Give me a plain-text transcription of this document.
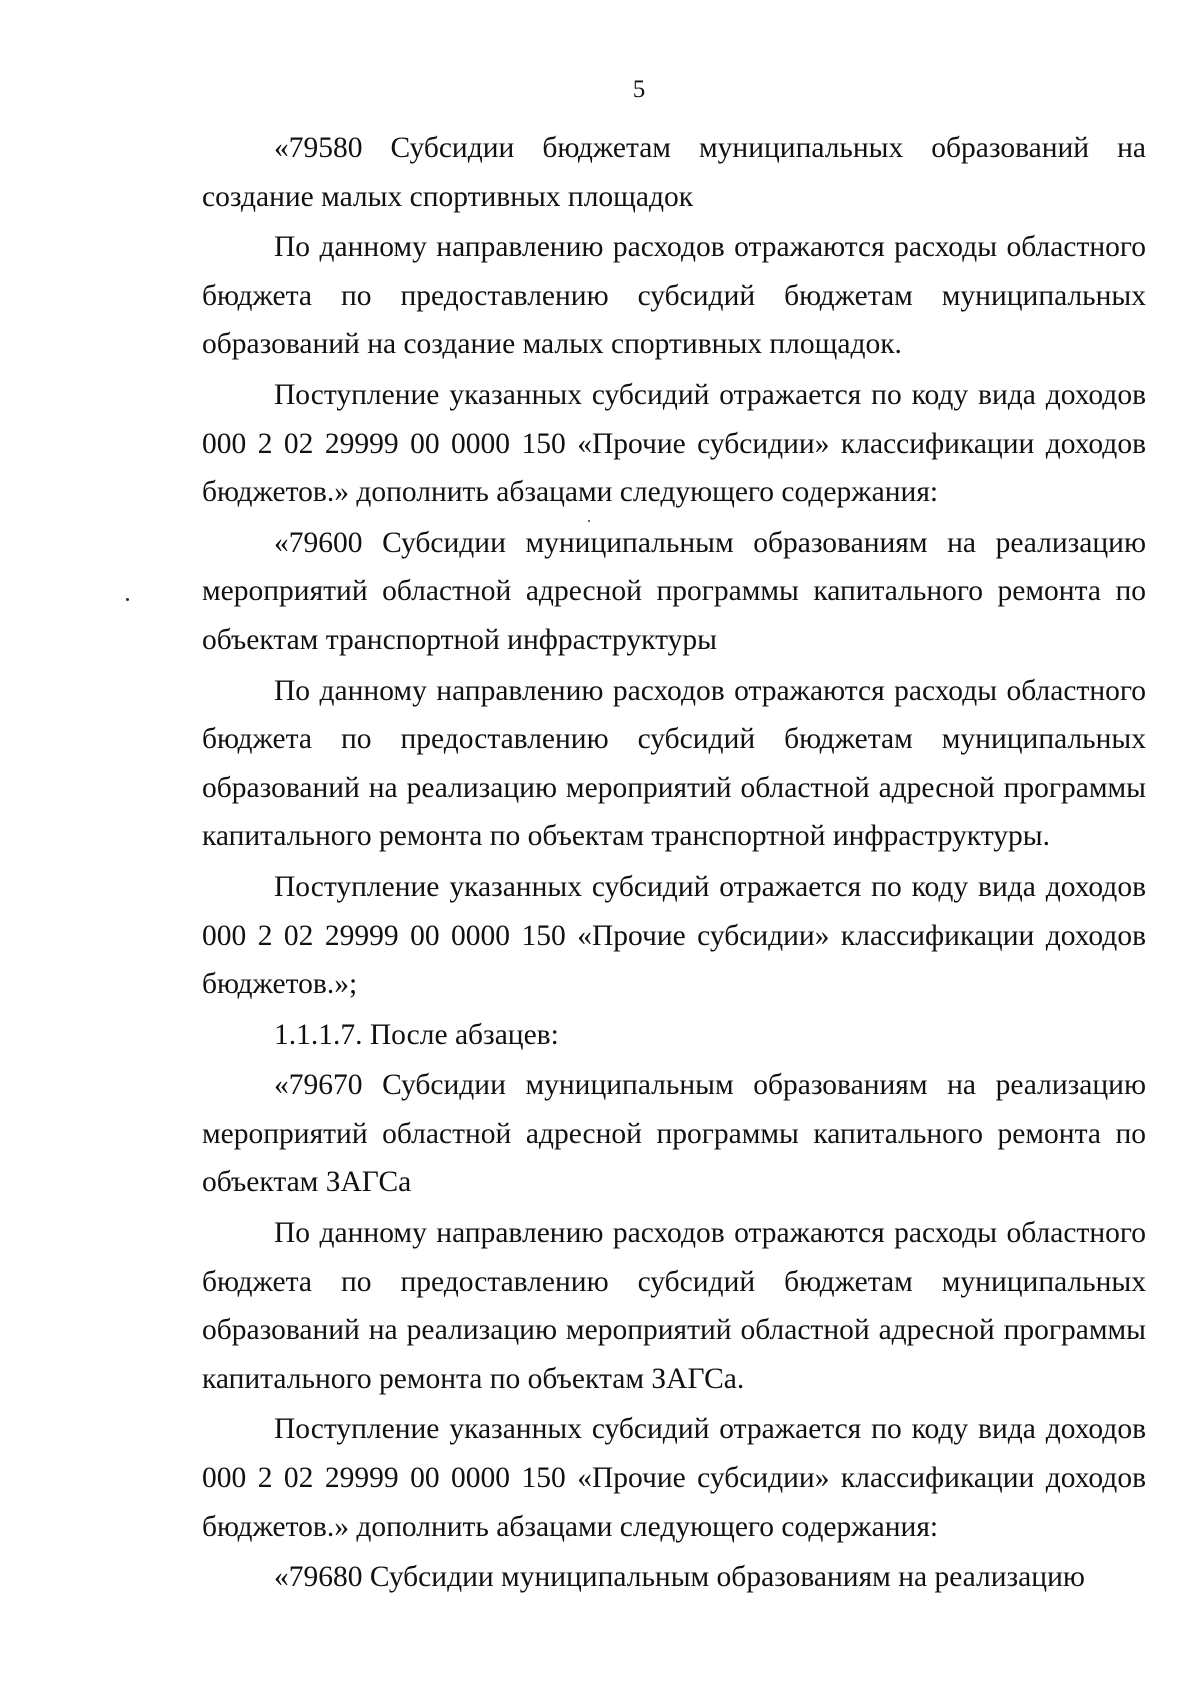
5

«79580 Субсидии бюджетам муниципальных образований на создание малых спортивных площадок

По данному направлению расходов отражаются расходы областного бюджета по предоставлению субсидий бюджетам муниципальных образований на создание малых спортивных площадок.

Поступление указанных субсидий отражается по коду вида доходов 000 2 02 29999 00 0000 150 «Прочие субсидии» классификации доходов бюджетов.» дополнить абзацами следующего содержания:

«79600 Субсидии муниципальным образованиям на реализацию мероприятий областной адресной программы капитального ремонта по объектам транспортной инфраструктуры

По данному направлению расходов отражаются расходы областного бюджета по предоставлению субсидий бюджетам муниципальных образований на реализацию мероприятий областной адресной программы капитального ремонта по объектам транспортной инфраструктуры.

Поступление указанных субсидий отражается по коду вида доходов 000 2 02 29999 00 0000 150 «Прочие субсидии» классификации доходов бюджетов.»;

1.1.1.7. После абзацев:

«79670 Субсидии муниципальным образованиям на реализацию мероприятий областной адресной программы капитального ремонта по объектам ЗАГСа

По данному направлению расходов отражаются расходы областного бюджета по предоставлению субсидий бюджетам муниципальных образований на реализацию мероприятий областной адресной программы капитального ремонта по объектам ЗАГСа.

Поступление указанных субсидий отражается по коду вида доходов 000 2 02 29999 00 0000 150 «Прочие субсидии» классификации доходов бюджетов.» дополнить абзацами следующего содержания:

«79680 Субсидии муниципальным образованиям на реализацию
